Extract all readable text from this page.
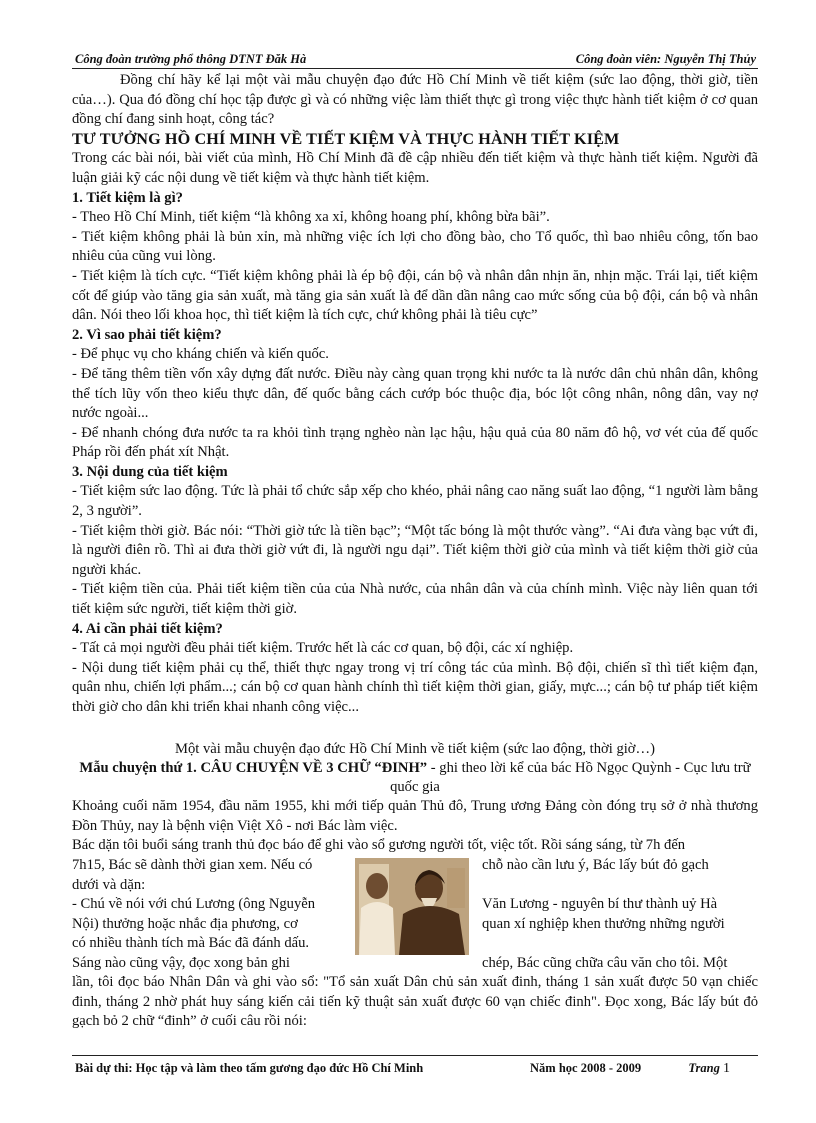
Công đoàn trường phổ thông DTNT Đăk Hà	Công đoàn viên: Nguyễn Thị Thủy

Đồng chí hãy kể lại một vài mẫu chuyện đạo đức Hồ Chí Minh về tiết kiệm (sức lao động, thời giờ, tiền của…). Qua đó đồng chí học tập được gì và có những việc làm thiết thực gì trong việc thực hành tiết kiệm ở cơ quan đồng chí đang sinh hoạt, công tác?

TƯ TƯỞNG HỒ CHÍ MINH VỀ TIẾT KIỆM VÀ THỰC HÀNH TIẾT KIỆM

Trong các bài nói, bài viết của mình, Hồ Chí Minh đã đề cập nhiều đến tiết kiệm và thực hành tiết kiệm. Người đã luận giải kỹ các nội dung về tiết kiệm và thực hành tiết kiệm.

1. Tiết kiệm là gì?

- Theo Hồ Chí Minh, tiết kiệm “là không xa xỉ, không hoang phí, không bừa bãi”.

- Tiết kiệm không phải là bủn xỉn, mà những việc ích lợi cho đồng bào, cho Tổ quốc, thì bao nhiêu công, tốn bao nhiêu của cũng vui lòng.

- Tiết kiệm là tích cực. “Tiết kiệm không phải là ép bộ đội, cán bộ và nhân dân nhịn ăn, nhịn mặc. Trái lại, tiết kiệm cốt để giúp vào tăng gia sản xuất, mà tăng gia sản xuất là để dần dần nâng cao mức sống của bộ đội, cán bộ và nhân dân. Nói theo lối khoa học, thì tiết kiệm là tích cực, chứ không phải là tiêu cực”

2. Vì sao phải tiết kiệm?

- Để phục vụ cho kháng chiến và kiến quốc.

- Để tăng thêm tiền vốn xây dựng đất nước. Điều này càng quan trọng khi nước ta là nước dân chủ nhân dân, không thể tích lũy vốn theo kiểu thực dân, đế quốc bằng cách cướp bóc thuộc địa, bóc lột công nhân, nông dân, vay nợ nước ngoài...

- Để nhanh chóng đưa nước ta ra khỏi tình trạng nghèo nàn lạc hậu, hậu quả của 80 năm đô hộ, vơ vét của đế quốc Pháp rồi đến phát xít Nhật.

3. Nội dung của tiết kiệm

- Tiết kiệm sức lao động. Tức là phải tổ chức sắp xếp cho khéo, phải nâng cao năng suất lao động, “1 người làm bằng 2, 3 người”.

- Tiết kiệm thời giờ. Bác nói: “Thời giờ tức là tiền bạc”; “Một tấc bóng là một thước vàng”. “Ai đưa vàng bạc vứt đi, là người điên rồ. Thì ai đưa thời giờ vứt đi, là người ngu dại”. Tiết kiệm thời giờ của mình và tiết kiệm thời giờ của người khác.

- Tiết kiệm tiền của. Phải tiết kiệm tiền của của Nhà nước, của nhân dân và của chính mình. Việc này liên quan tới tiết kiệm sức người, tiết kiệm thời giờ.

4. Ai cần phải tiết kiệm?

- Tất cả mọi người đều phải tiết kiệm. Trước hết là các cơ quan, bộ đội, các xí nghiệp.

- Nội dung tiết kiệm phải cụ thể, thiết thực ngay trong vị trí công tác của mình. Bộ đội, chiến sĩ thì tiết kiệm đạn, quân nhu, chiến lợi phẩm...; cán bộ cơ quan hành chính thì tiết kiệm thời gian, giấy, mực...; cán bộ tư pháp tiết kiệm thời giờ cho dân khi triển khai nhanh công việc...

Một vài mẫu chuyện đạo đức Hồ Chí Minh về tiết kiệm (sức lao động, thời giờ…)

Mẫu chuyện thứ 1. CÂU CHUYỆN VỀ 3 CHỮ “ĐINH” - ghi theo lời kể của bác Hồ Ngọc Quỳnh - Cục lưu trữ quốc gia

Khoảng cuối năm 1954, đầu năm 1955, khi mới tiếp quản Thủ đô, Trung ương Đảng còn đóng trụ sở ở nhà thương Đồn Thủy, nay là bệnh viện Việt Xô - nơi Bác làm việc.

Bác dặn tôi buổi sáng tranh thủ đọc báo để ghi vào sổ gương người tốt, việc tốt. Rồi sáng sáng, từ 7h đến

7h15, Bác sẽ dành thời gian xem. Nếu có

dưới và dặn:

- Chú về nói với chú Lương (ông Nguyễn

Nội) thưởng hoặc nhắc địa phương, cơ

có nhiều thành tích mà Bác đã đánh dấu.

Sáng nào cũng vậy, đọc xong bản ghi

chỗ nào cần lưu ý, Bác lấy bút đỏ gạch

Văn Lương - nguyên bí thư thành uỷ Hà

quan xí nghiệp khen thưởng những người

chép, Bác cũng chữa câu văn cho tôi. Một

lần, tôi đọc báo Nhân Dân và ghi vào sổ: "Tổ sản xuất Dân chủ sản xuất đinh, tháng 1 sản xuất được 50 vạn chiếc đinh, tháng 2 nhờ phát huy sáng kiến cải tiến kỹ thuật sản xuất được 60 vạn chiếc đinh". Đọc xong, Bác lấy bút đỏ gạch bỏ 2 chữ “đinh” ở cuối câu rồi nói:

Bài dự thi: Học tập và làm theo tấm gương đạo đức Hồ Chí Minh	Năm học 2008 - 2009	Trang 1
